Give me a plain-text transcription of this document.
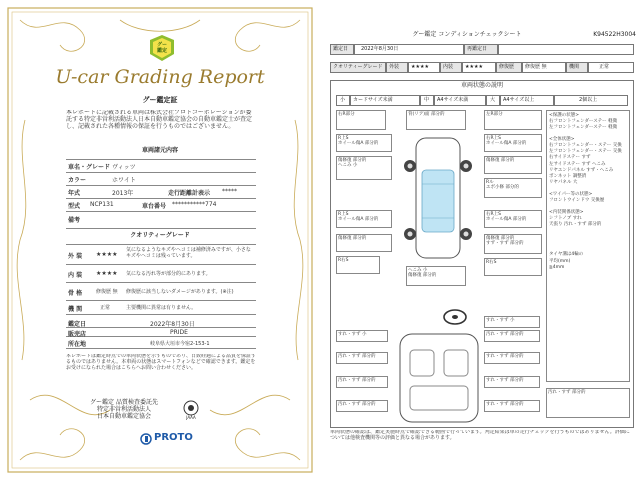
グー
鑑定
U-car Grading Report
グー鑑定証
本レポートに記載される車両は株式会社プロトコーポレーションが委託する特定非営利活動法人日本自動車鑑定協会の自動車鑑定士が査定し、記載された各種情報の保証を行うものではございません。
車両諸元内容
車名・グレード ヴィッツ
カラー	ホワイト
年式	2013年	走行距離計表示 *****
型式 NCP131	車台番号 ***********774
備考
クオリティーグレード
外 装 ★★★★
気になるようなキズやヘコミは補修済みですが、小さなキズやヘコミは残っています。
内 装 ★★★★ 気になる汚れ等が部分的にあります。
骨 格	修復歴 無 修復歴に該当しないダメージがあります。(※注)
機 関	正常	主要機関に異常は有りません。
鑑定日	2022年8月30日
販売店	PRIDE
所在地	岐阜県大垣市今宿2-153-1
本レポートは鑑定時点での車両状態を示すものであり、日数経過による品質を保証するものではありません。本車両の状態はスマートフォンなどで確認できます。鑑定をお受けになられた場合はこちらへお問い合わせください。
グー鑑定 品質検査委託先
特定非営利活動法人
日本自動車鑑定協会	JAAA
PROTO
グー鑑定 コンディションチェックシート	K94522H3004
鑑定日	2022年8月30日	再鑑定日
クオリティーグレード	外装	★★★★	内装	★★★★	修復歴	修復歴 無	機関	正常
車両状態の説明
小	カードサイズ未満	中	A4サイズ未満	大	A4サイズ以上	2個以上
右R部分	背(リア)面 部分的	左R部分
R上S
ホイール傷A 部分的
右R上S
ホイール傷A 部分的
傷修復 部分的
へこみ 小
傷修復 部分的
Rル
エボ小修 部分的
R上S
ホイール傷A 部分的
右R上S
ホイール傷A 部分的
傷修復 部分的	傷修復 部分的
すず・すず 部分的
R右S
へこみ 小
傷修復 部分的
R右S
<保護の状態>
右フロントフェンダーステー 軽微
左フロントフェンダーステー 軽微

<全体状態>
右フロントフェンダー・ステー 交換
左フロントフェンダー・ステー 交換
右サイドステー すず
左サイドステー すず へこみ
リヤエンドパネル すず・へこみ
ボンネット 調整済
リヤパネル 大

<ワイパー等の状態>
フロントウインドウ 交換歴

<内装関係状態>
シフトノブ すれ
天張り 汚れ・すず 部分的

タイヤ溝は4輪の
平均(mm)
≧4mm
すれ・すず 小
すれ・すず 小
汚れ・すず 部分的
汚れ・すず 部分的
すれ・すず 部分的
汚れ・すず 部分的	すれ・すず 部分的
汚れ・すず 部分的	すれ・すず 部分的
汚れ・すず 部分的
車両状態の確認は、鑑定実施時点で確認できる範囲で行っています。判定結果は車の走行チェックを行うものではありません。評価については他検査機関等の評価と異なる場合があります。
